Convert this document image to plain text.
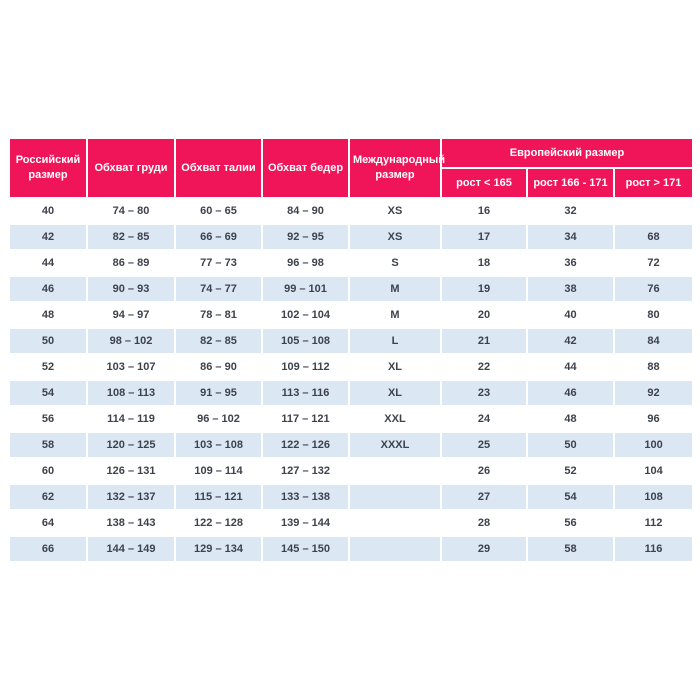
Российский размер	Обхват груди	Обхват талии	Обхват бедер	Международный размер	Европейский размер		
					рост < 165	рост 166 - 171	рост > 171
40	74 – 80	60 – 65	84 – 90	XS	16	32	
42	82 – 85	66 – 69	92 – 95	XS	17	34	68
44	86 – 89	77 – 73	96 – 98	S	18	36	72
46	90 – 93	74 – 77	99 – 101	M	19	38	76
48	94 – 97	78 – 81	102 – 104	M	20	40	80
50	98 – 102	82 – 85	105 – 108	L	21	42	84
52	103 – 107	86 – 90	109 – 112	XL	22	44	88
54	108 – 113	91 – 95	113 – 116	XL	23	46	92
56	114 – 119	96 – 102	117 – 121	XXL	24	48	96
58	120 – 125	103 – 108	122 – 126	XXXL	25	50	100
60	126 – 131	109 – 114	127 – 132		26	52	104
62	132 – 137	115 – 121	133 – 138		27	54	108
64	138 – 143	122 – 128	139 – 144		28	56	112
66	144 – 149	129 – 134	145 – 150		29	58	116
